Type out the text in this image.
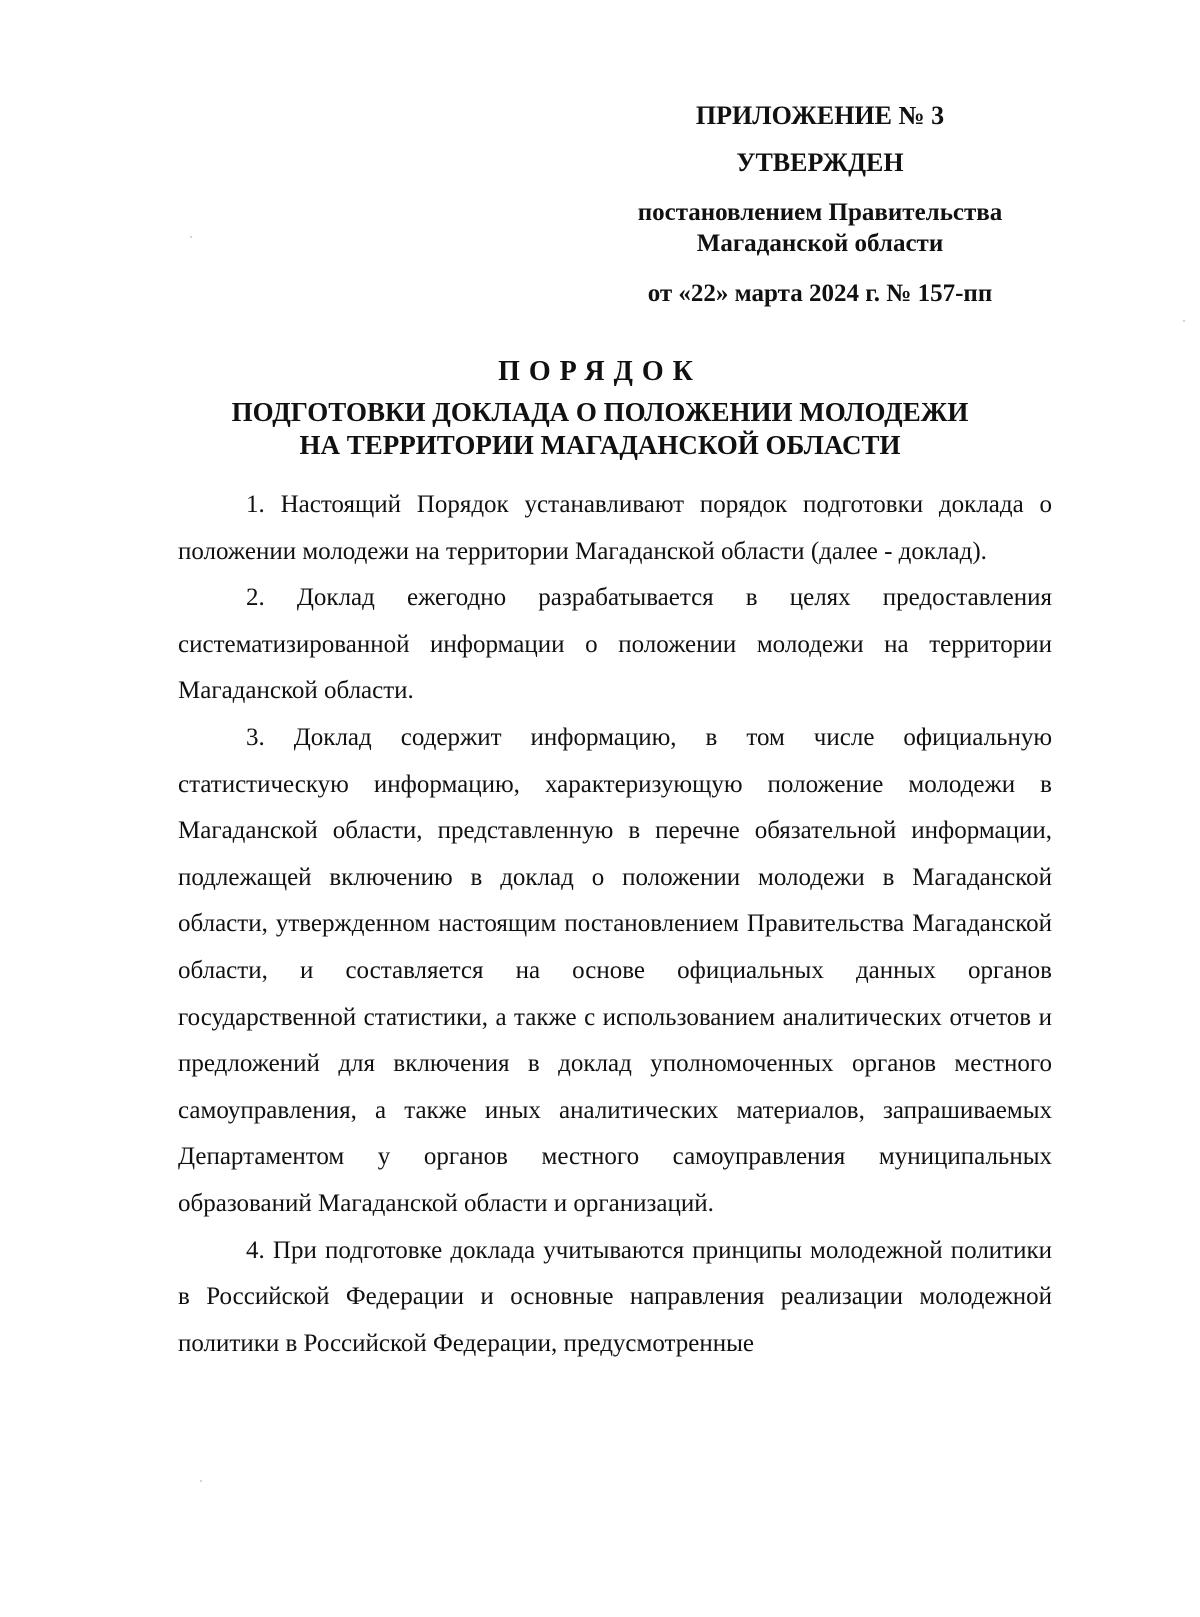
ПРИЛОЖЕНИЕ № 3
УТВЕРЖДЕН
постановлением Правительства
Магаданской области
от «22» марта 2024 г. № 157-пп
ПОРЯДОК
ПОДГОТОВКИ ДОКЛАДА О ПОЛОЖЕНИИ МОЛОДЕЖИ
НА ТЕРРИТОРИИ МАГАДАНСКОЙ ОБЛАСТИ

1. Настоящий Порядок устанавливают порядок подготовки доклада о положении молодежи на территории Магаданской области (далее - доклад).

2. Доклад ежегодно разрабатывается в целях предоставления систематизированной информации о положении молодежи на территории Магаданской области.

3. Доклад содержит информацию, в том числе официальную статистическую информацию, характеризующую положение молодежи в Магаданской области, представленную в перечне обязательной информации, подлежащей включению в доклад о положении молодежи в Магаданской области, утвержденном настоящим постановлением Правительства Магаданской области, и составляется на основе официальных данных органов государственной статистики, а также с использованием аналитических отчетов и предложений для включения в доклад уполномоченных органов местного самоуправления, а также иных аналитических материалов, запрашиваемых Департаментом у органов местного самоуправления муниципальных образований Магаданской области и организаций.

4. При подготовке доклада учитываются принципы молодежной политики в Российской Федерации и основные направления реализации молодежной политики в Российской Федерации, предусмотренные
